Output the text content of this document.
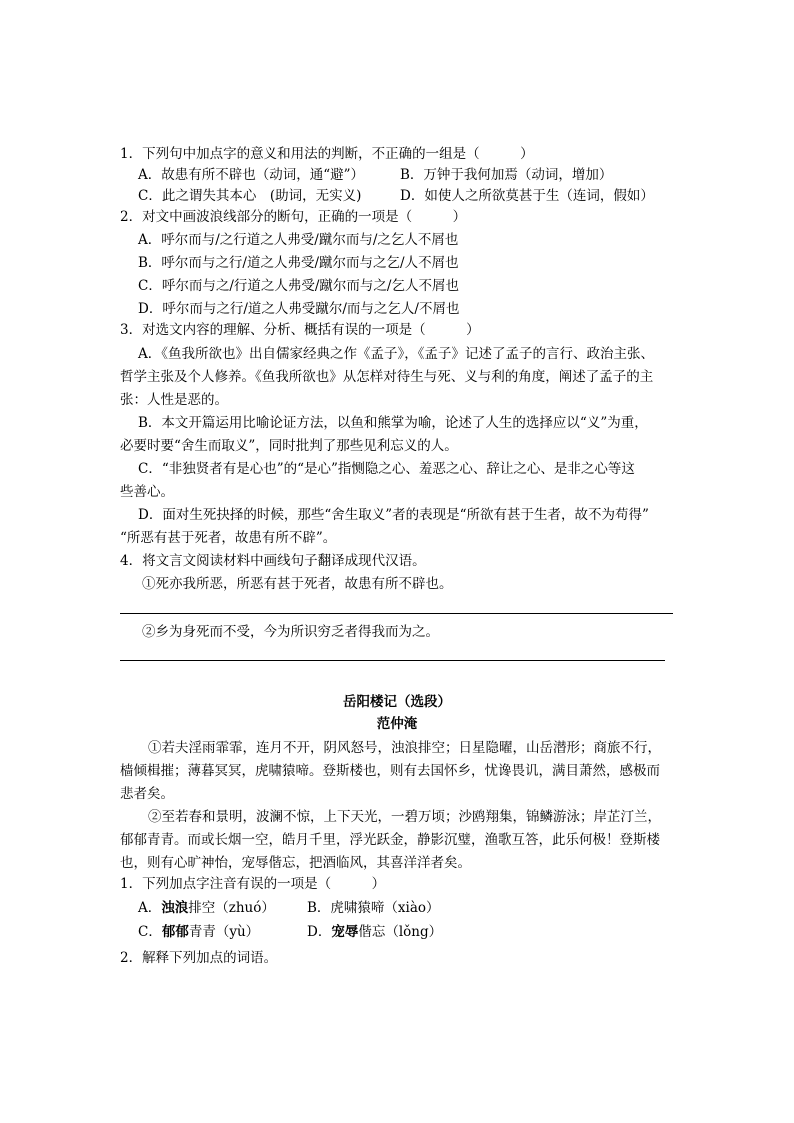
1．下列句中加点字的意义和用法的判断，不正确的一组是（　　　）
A．故患有所不辟也（动词，通“避”）	B．万钟于我何加焉（动词，增加）
C．此之谓失其本心　(助词，无实义)	D．如使人之所欲莫甚于生（连词，假如）
2．对文中画波浪线部分的断句，正确的一项是（　　　）
A．呼尔而与/之行道之人弗受/蹴尔而与/之乞人不屑也
B．呼尔而与之行/道之人弗受/蹴尔而与之乞/人不屑也
C．呼尔而与之/行道之人弗受/蹴尔而与之/乞人不屑也
D．呼尔而与之行/道之人弗受蹴尔/而与之乞人/不屑也
3．对选文内容的理解、分析、概括有误的一项是（　　　）
A．《鱼我所欲也》出自儒家经典之作《孟子》，《孟子》记述了孟子的言行、政治主张、
哲学主张及个人修养。《鱼我所欲也》从怎样对待生与死、义与利的角度，阐述了孟子的主
张：人性是恶的。
B．本文开篇运用比喻论证方法，以鱼和熊掌为喻，论述了人生的选择应以“义”为重，
必要时要“舍生而取义”，同时批判了那些见利忘义的人。
C．“非独贤者有是心也”的“是心”指恻隐之心、羞恶之心、辞让之心、是非之心等这
些善心。
D．面对生死抉择的时候，那些“舍生取义”者的表现是“所欲有甚于生者，故不为苟得”
“所恶有甚于死者，故患有所不辟”。
4．将文言文阅读材料中画线句子翻译成现代汉语。
①死亦我所恶，所恶有甚于死者，故患有所不辟也。
②乡为身死而不受，今为所识穷乏者得我而为之。
岳阳楼记（选段）
范仲淹
①若夫淫雨霏霏，连月不开，阴风怒号，浊浪排空；日星隐曜，山岳潜形；商旅不行，
樯倾楫摧；薄暮冥冥，虎啸猿啼。登斯楼也，则有去国怀乡，忧谗畏讥，满目萧然，感极而
悲者矣。
②至若春和景明，波澜不惊，上下天光，一碧万顷；沙鸥翔集，锦鳞游泳；岸芷汀兰，
郁郁青青。而或长烟一空，皓月千里，浮光跃金，静影沉璧，渔歌互答，此乐何极！登斯楼
也，则有心旷神怡，宠辱偕忘，把酒临风，其喜洋洋者矣。
1．下列加点字注音有误的一项是（　　　）
A．浊浪排空（zhuó） B．虎啸猿啼（xiào）
C．郁郁青青（yù）	D．宠辱偕忘（lǒng）
2．解释下列加点的词语。
